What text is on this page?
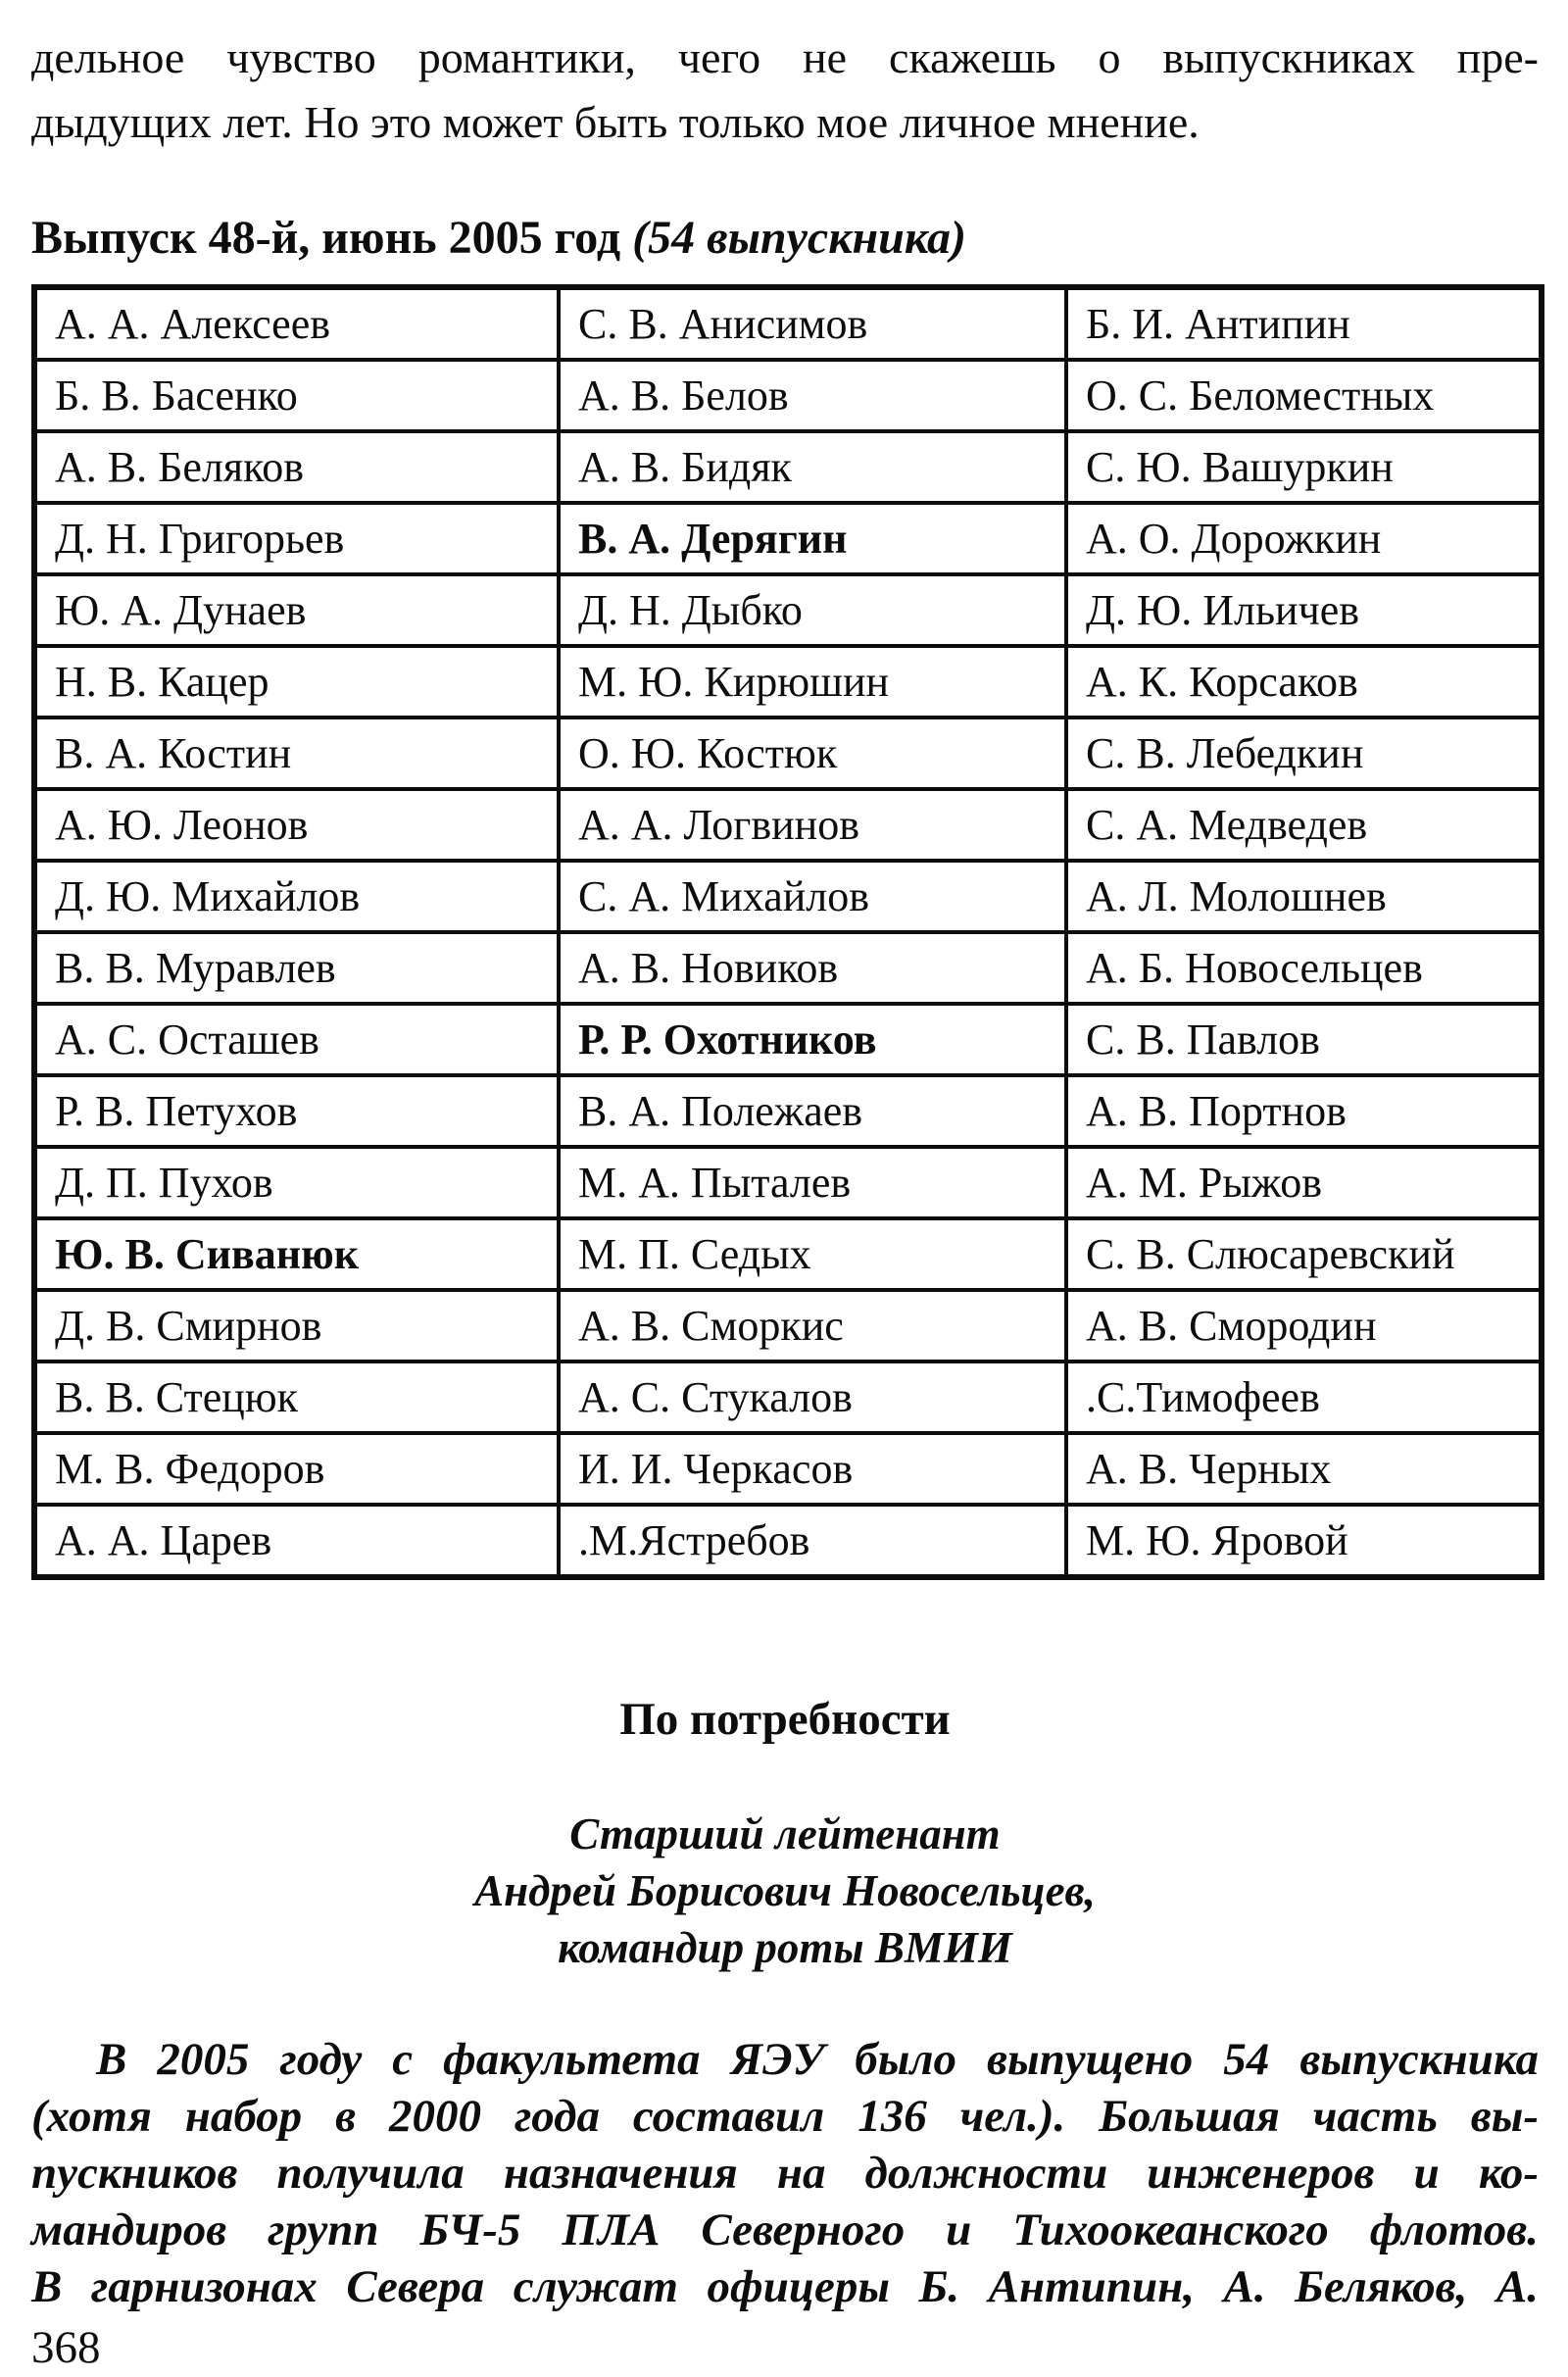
дельное чувство романтики, чего не скажешь о выпускниках пре-
дыдущих лет. Но это может быть только мое личное мнение.
Выпуск 48-й, июнь 2005 год (54 выпускника)
А. А. Алексеев	С. В. Анисимов	Б. И. Антипин
Б. В. Басенко	А. В. Белов	О. С. Беломестных
А. В. Беляков	А. В. Бидяк	С. Ю. Вашуркин
Д. Н. Григорьев	В. А. Дерягин	А. О. Дорожкин
Ю. А. Дунаев	Д. Н. Дыбко	Д. Ю. Ильичев
Н. В. Кацер	М. Ю. Кирюшин	А. К. Корсаков
В. А. Костин	О. Ю. Костюк	С. В. Лебедкин
А. Ю. Леонов	А. А. Логвинов	С. А. Медведев
Д. Ю. Михайлов	С. А. Михайлов	А. Л. Молошнев
В. В. Муравлев	А. В. Новиков	А. Б. Новосельцев
А. С. Осташев	Р. Р. Охотников	С. В. Павлов
Р. В. Петухов	В. А. Полежаев	А. В. Портнов
Д. П. Пухов	М. А. Пыталев	А. М. Рыжов
Ю. В. Сиванюк	М. П. Седых	С. В. Слюсаревский
Д. В. Смирнов	А. В. Сморкис	А. В. Смородин
В. В. Стецюк	А. С. Стукалов	.С.Тимофеев
М. В. Федоров	И. И. Черкасов	А. В. Черных
А. А. Царев	.М.Ястребов	М. Ю. Яровой
По потребности
Старший лейтенант
Андрей Борисович Новосельцев,
командир роты ВМИИ
В 2005 году с факультета ЯЭУ было выпущено 54 выпускника
(хотя набор в 2000 года составил 136 чел.). Большая часть вы-
пускников получила назначения на должности инженеров и ко-
мандиров групп БЧ-5 ПЛА Северного и Тихоокеанского флотов.
В гарнизонах Севера служат офицеры Б. Антипин, А. Беляков, А.
368
